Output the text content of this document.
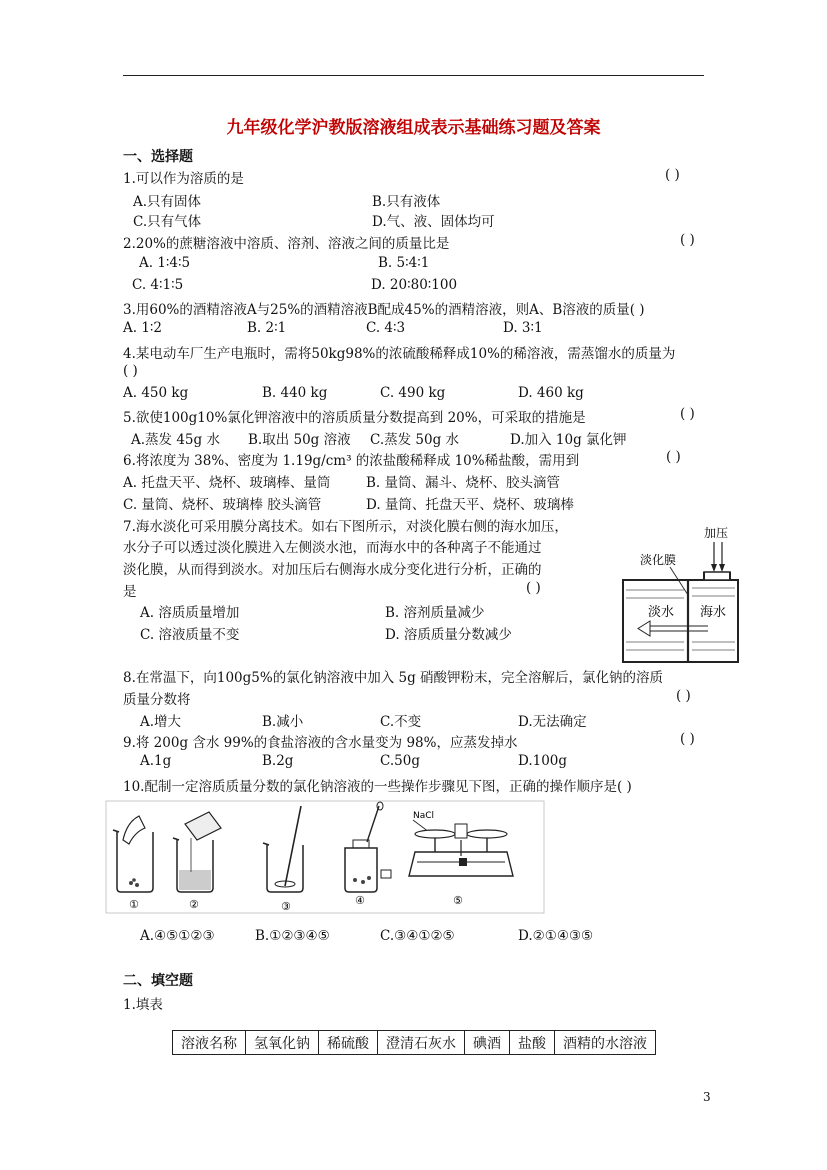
九年级化学沪教版溶液组成表示基础练习题及答案
一、选择题
1.可以作为溶质的是	( )
A.只有固体	B.只有液体
C.只有气体	D.气、液、固体均可
2.20%的蔗糖溶液中溶质、溶剂、溶液之间的质量比是	( )
A. 1∶4∶5	B. 5∶4∶1
C. 4∶1∶5	D. 20∶80∶100
3.用60%的酒精溶液A与25%的酒精溶液B配成45%的酒精溶液，则A、B溶液的质量( )
A. 1∶2	B. 2∶1	C. 4∶3	D. 3∶1
4.某电动车厂生产电瓶时，需将50kg98%的浓硫酸稀释成10%的稀溶液，需蒸馏水的质量为
( )
A. 450 kg	B. 440 kg	C. 490 kg	D. 460 kg
5.欲使100g10%氯化钾溶液中的溶质质量分数提高到 20%，可采取的措施是	( )
A.蒸发 45g 水 B.取出 50g 溶液 C.蒸发 50g 水	D.加入 10g 氯化钾
6.将浓度为 38%、密度为 1.19g/cm³ 的浓盐酸稀释成 10%稀盐酸，需用到	( )
A. 托盘天平、烧杯、玻璃棒、量筒	B. 量筒、漏斗、烧杯、胶头滴管
C. 量筒、烧杯、玻璃棒 胶头滴管	D. 量筒、托盘天平、烧杯、玻璃棒
7.海水淡化可采用膜分离技术。如右下图所示，对淡化膜右侧的海水加压，
水分子可以透过淡化膜进入左侧淡水池，而海水中的各种离子不能通过
淡化膜，从而得到淡水。对加压后右侧海水成分变化进行分析，正确的
是	( )
A. 溶质质量增加	B. 溶剂质量减少
C. 溶液质量不变	D. 溶质质量分数减少
加压
淡化膜
淡水 海水
8.在常温下，向100g5%的氯化钠溶液中加入 5g 硝酸钾粉末，完全溶解后，氯化钠的溶质
质量分数将	( )
A.增大	B.减小	C.不变	D.无法确定
9.将 200g 含水 99%的食盐溶液的含水量变为 98%，应蒸发掉水	( )
A.1g	B.2g	C.50g	D.100g
10.配制一定溶质质量分数的氯化钠溶液的一些操作步骤见下图，正确的操作顺序是( )
①	②	③	④
NaCl
⑤
A.④⑤①②③	B.①②③④⑤	C.③④①②⑤	D.②①④③⑤
二、填空题
1.填表
溶液名称	氢氧化钠	稀硫酸	澄清石灰水	碘酒	盐酸	酒精的水溶液
3
